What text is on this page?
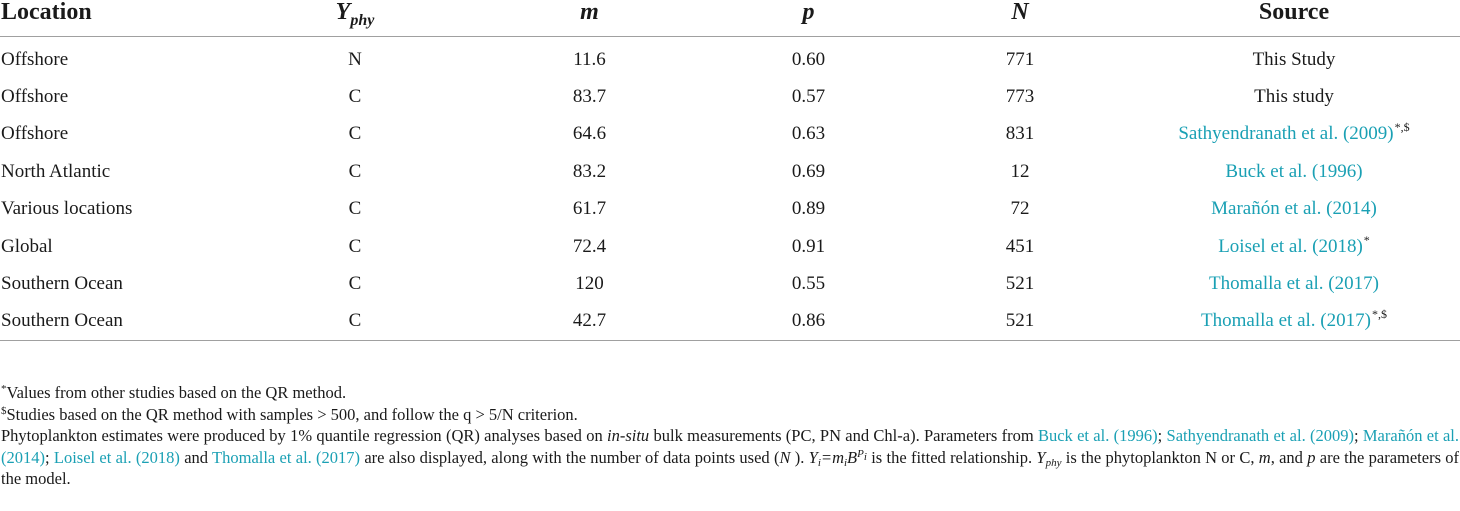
Location	$Y_{phy}$	m	p	N	Source
Offshore	N	11.6	0.60	771	This Study
Offshore	C	83.7	0.57	773	This study
Offshore	C	64.6	0.63	831	Sathyendranath et al. (2009)*,$
North Atlantic	C	83.2	0.69	12	Buck et al. (1996)
Various locations	C	61.7	0.89	72	Marañón et al. (2014)
Global	C	72.4	0.91	451	Loisel et al. (2018)*
Southern Ocean	C	120	0.55	521	Thomalla et al. (2017)
Southern Ocean	C	42.7	0.86	521	Thomalla et al. (2017)*,$

*Values from other studies based on the QR method.

$Studies based on the QR method with samples > 500, and follow the q > 5/N criterion.

Phytoplankton estimates were produced by 1% quantile regression (QR) analyses based on in-situ bulk measurements (PC, PN and Chl-a). Parameters from Buck et al. (1996); Sathyendranath et al. (2009); Marañón et al. (2014); Loisel et al. (2018) and Thomalla et al. (2017) are also displayed, along with the number of data points used (N ). $Y_i=m_iB^{P_i}$ is the fitted relationship. $Y_{phy}$ is the phytoplankton N or C, m, and p are the parameters of the model.
